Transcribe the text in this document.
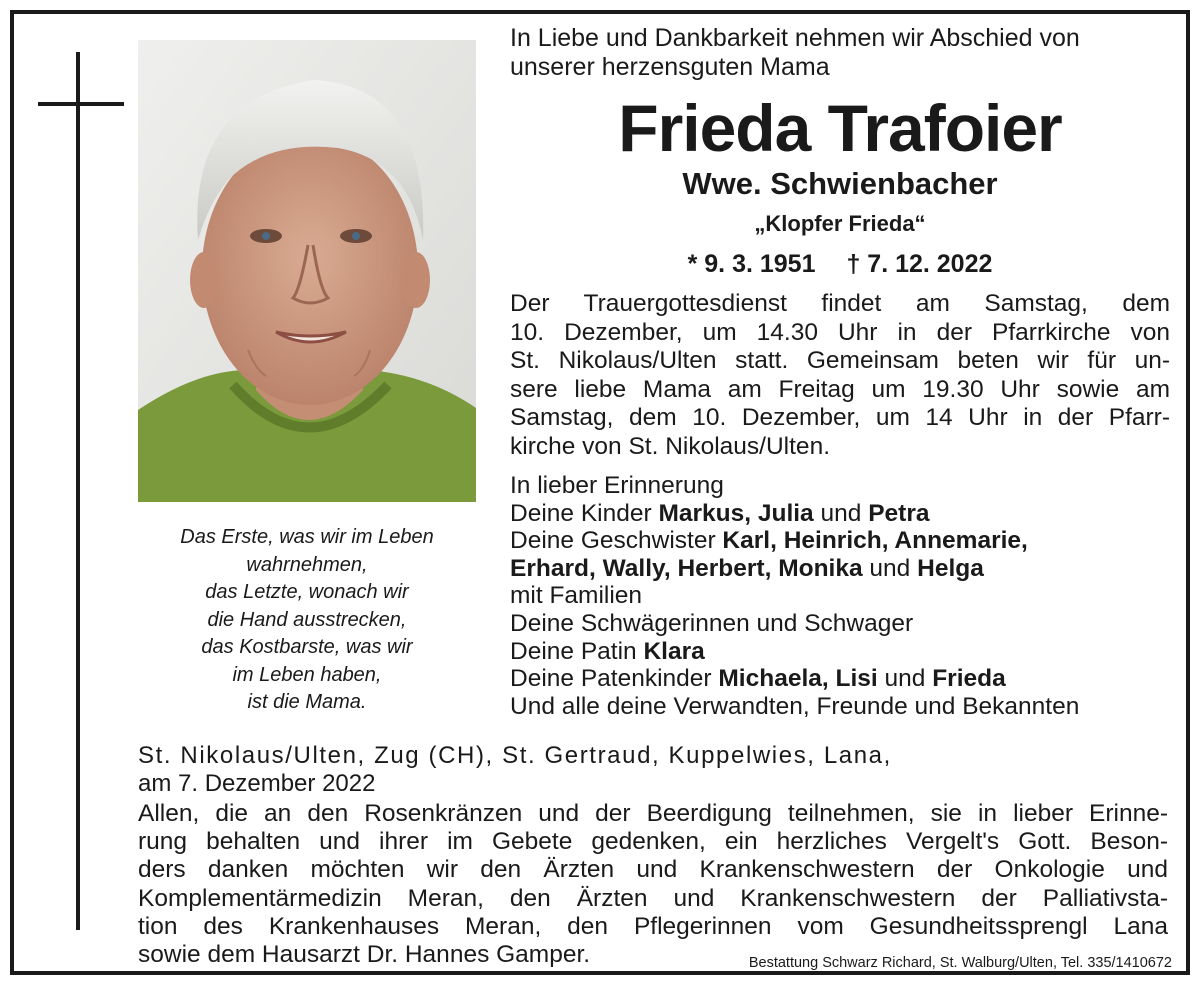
Das Erste, was wir im Leben
wahrnehmen,
das Letzte, wonach wir
die Hand ausstrecken,
das Kostbarste, was wir
im Leben haben,
ist die Mama.
In Liebe und Dankbarkeit nehmen wir Abschied von
unserer herzensguten Mama
Frieda Trafoier
Wwe. Schwienbacher
„Klopfer Frieda“
* 9. 3. 1951 † 7. 12. 2022
Der Trauergottesdienst findet am Samstag, dem
10. Dezember, um 14.30 Uhr in der Pfarrkirche von
St. Nikolaus/Ulten statt. Gemeinsam beten wir für un-
sere liebe Mama am Freitag um 19.30 Uhr sowie am
Samstag, dem 10. Dezember, um 14 Uhr in der Pfarr-
kirche von St. Nikolaus/Ulten.
In lieber Erinnerung
Deine Kinder Markus, Julia und Petra
Deine Geschwister Karl, Heinrich, Annemarie,
Erhard, Wally, Herbert, Monika und Helga
mit Familien
Deine Schwägerinnen und Schwager
Deine Patin Klara
Deine Patenkinder Michaela, Lisi und Frieda
Und alle deine Verwandten, Freunde und Bekannten
St. Nikolaus/Ulten, Zug (CH), St. Gertraud, Kuppelwies, Lana,
am 7. Dezember 2022
Allen, die an den Rosenkränzen und der Beerdigung teilnehmen, sie in lieber Erinne-
rung behalten und ihrer im Gebete gedenken, ein herzliches Vergelt's Gott. Beson-
ders danken möchten wir den Ärzten und Krankenschwestern der Onkologie und
Komplementärmedizin Meran, den Ärzten und Krankenschwestern der Palliativsta-
tion des Krankenhauses Meran, den Pflegerinnen vom Gesundheitssprengl Lana
sowie dem Hausarzt Dr. Hannes Gamper.	Bestattung Schwarz Richard, St. Walburg/Ulten, Tel. 335/1410672
